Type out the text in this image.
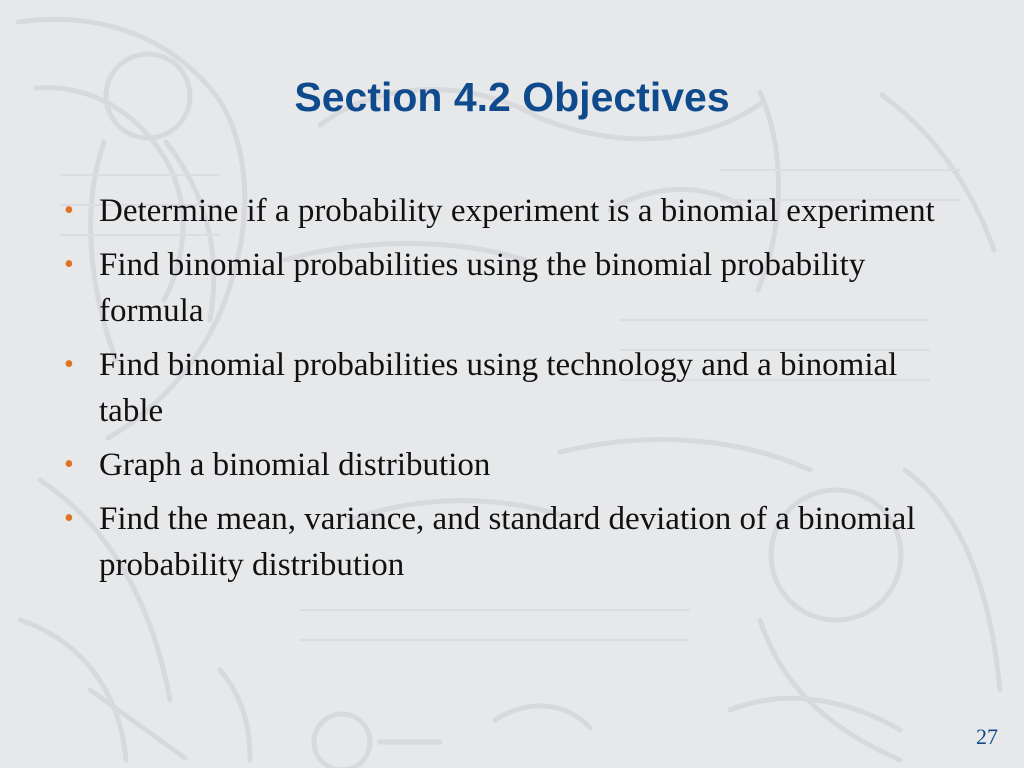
Section 4.2 Objectives
• Determine if a probability experiment is a binomial experiment
• Find binomial probabilities using the binomial probability formula
• Find binomial probabilities using technology and a binomial table
• Graph a binomial distribution
• Find the mean, variance, and standard deviation of a binomial probability distribution
27
